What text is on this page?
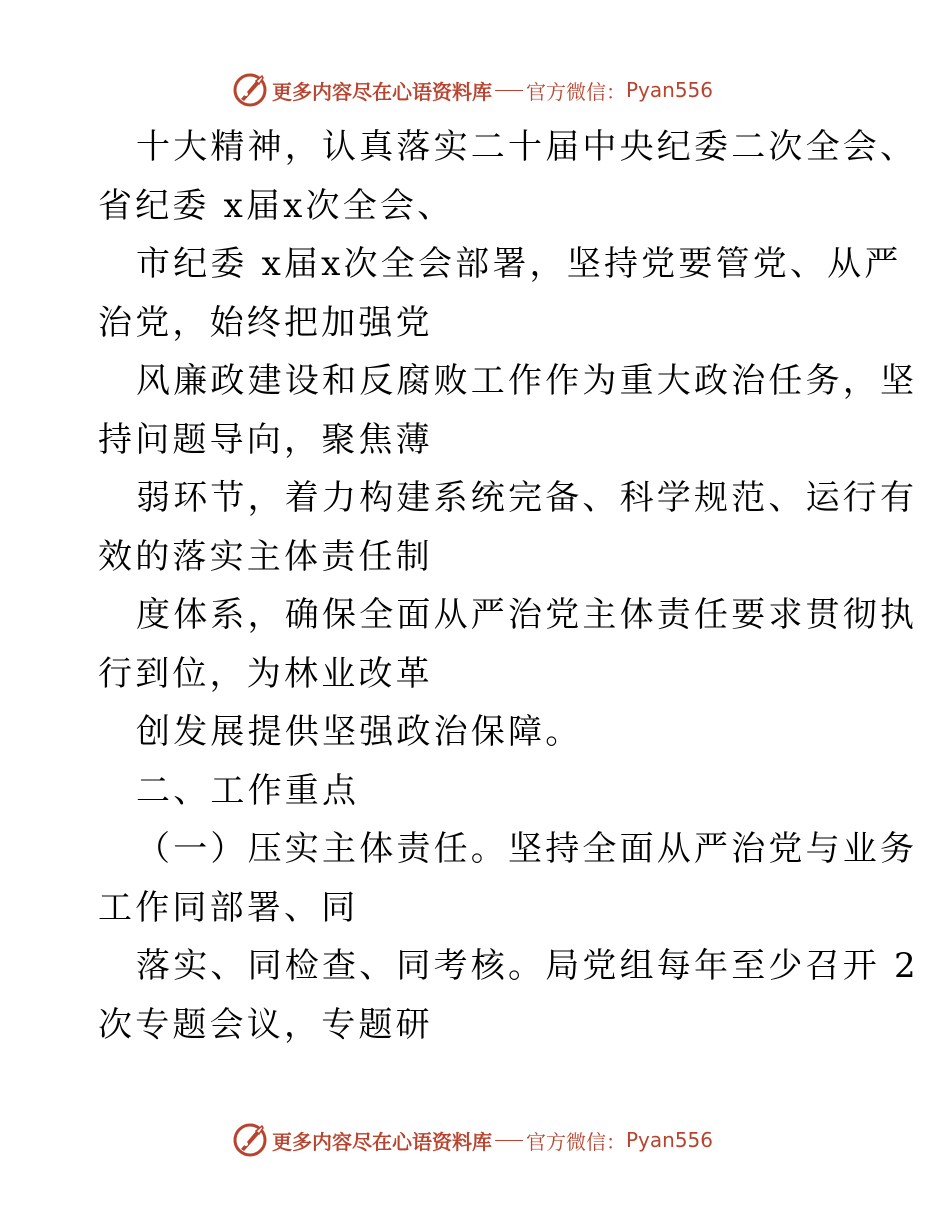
更多内容尽在心语资料库 官方微信： Pyan556
十大精神，认真落实二十届中央纪委二次全会、
省纪委 x届x次全会、
市纪委 x届x次全会部署，坚持党要管党、从严
治党，始终把加强党
风廉政建设和反腐败工作作为重大政治任务，坚
持问题导向，聚焦薄
弱环节，着力构建系统完备、科学规范、运行有
效的落实主体责任制
度体系，确保全面从严治党主体责任要求贯彻执
行到位，为林业改革
创发展提供坚强政治保障。
二、工作重点
（一）压实主体责任。坚持全面从严治党与业务
工作同部署、同
落实、同检查、同考核。局党组每年至少召开 2
次专题会议，专题研
更多内容尽在心语资料库 官方微信： Pyan556
